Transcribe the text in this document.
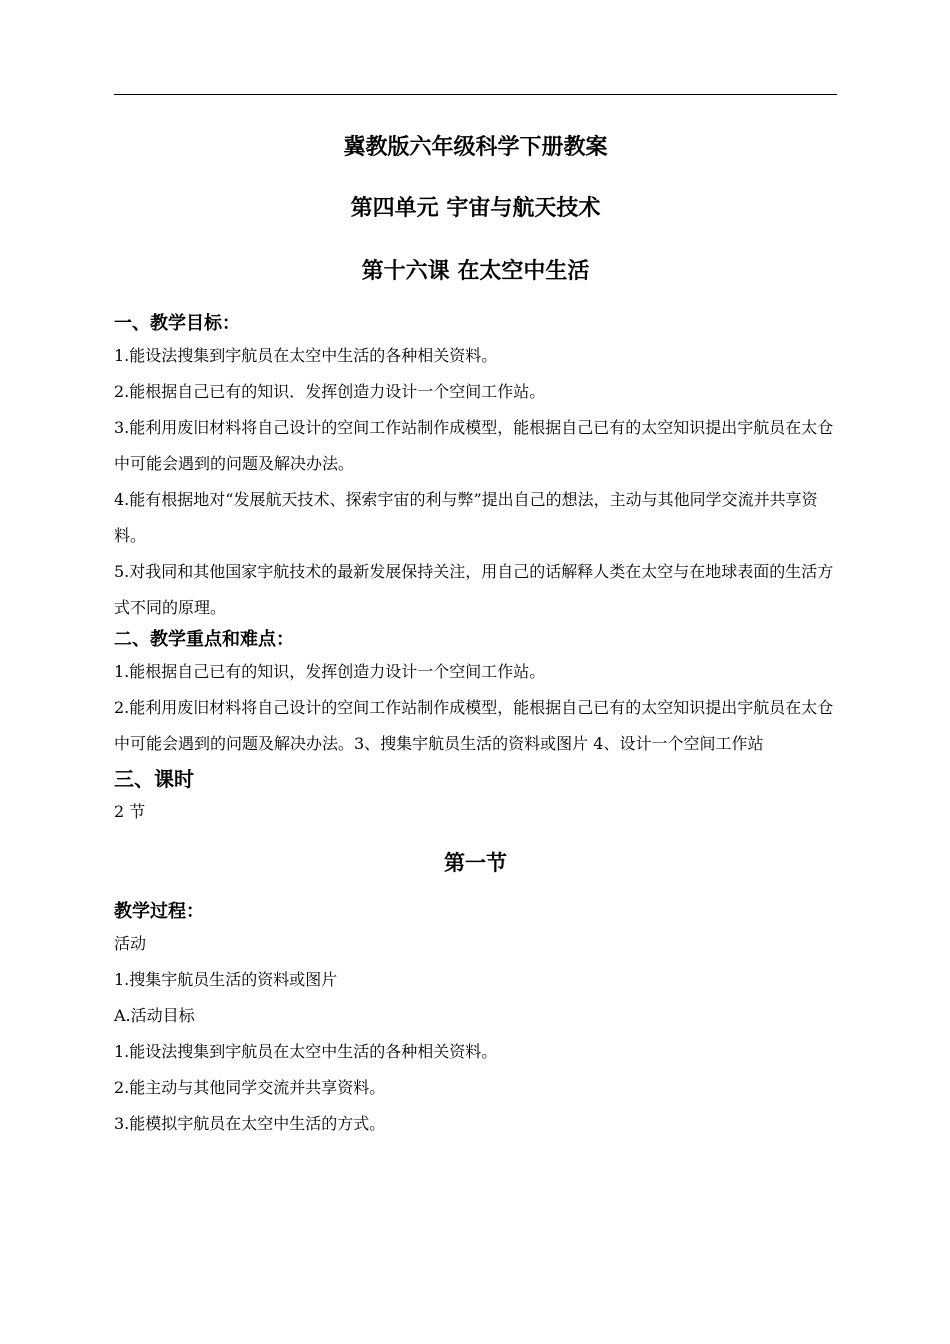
冀教版六年级科学下册教案
第四单元 宇宙与航天技术
第十六课 在太空中生活
一、教学目标：

1.能设法搜集到宇航员在太空中生活的各种相关资料。

2.能根据自己已有的知识．发挥创造力设计一个空间工作站。

3.能利用废旧材料将自己设计的空间工作站制作成模型，能根据自己已有的太空知识提出宇航员在太仓中可能会遇到的问题及解决办法。

4.能有根据地对“发展航天技术、探索宇宙的利与弊”提出自己的想法，主动与其他同学交流并共享资料。

5.对我同和其他国家宇航技术的最新发展保持关注，用自己的话解释人类在太空与在地球表面的生活方式不同的原理。

二、教学重点和难点：

1.能根据自己已有的知识，发挥创造力设计一个空间工作站。

2.能利用废旧材料将自己设计的空间工作站制作成模型，能根据自己已有的太空知识提出宇航员在太仓中可能会遇到的问题及解决办法。3、搜集宇航员生活的资料或图片 4、设计一个空间工作站

三、课时

2 节

第一节
教学过程：

活动

1.搜集宇航员生活的资料或图片

A.活动目标

1.能设法搜集到宇航员在太空中生活的各种相关资料。

2.能主动与其他同学交流并共享资料。

3.能模拟宇航员在太空中生活的方式。
